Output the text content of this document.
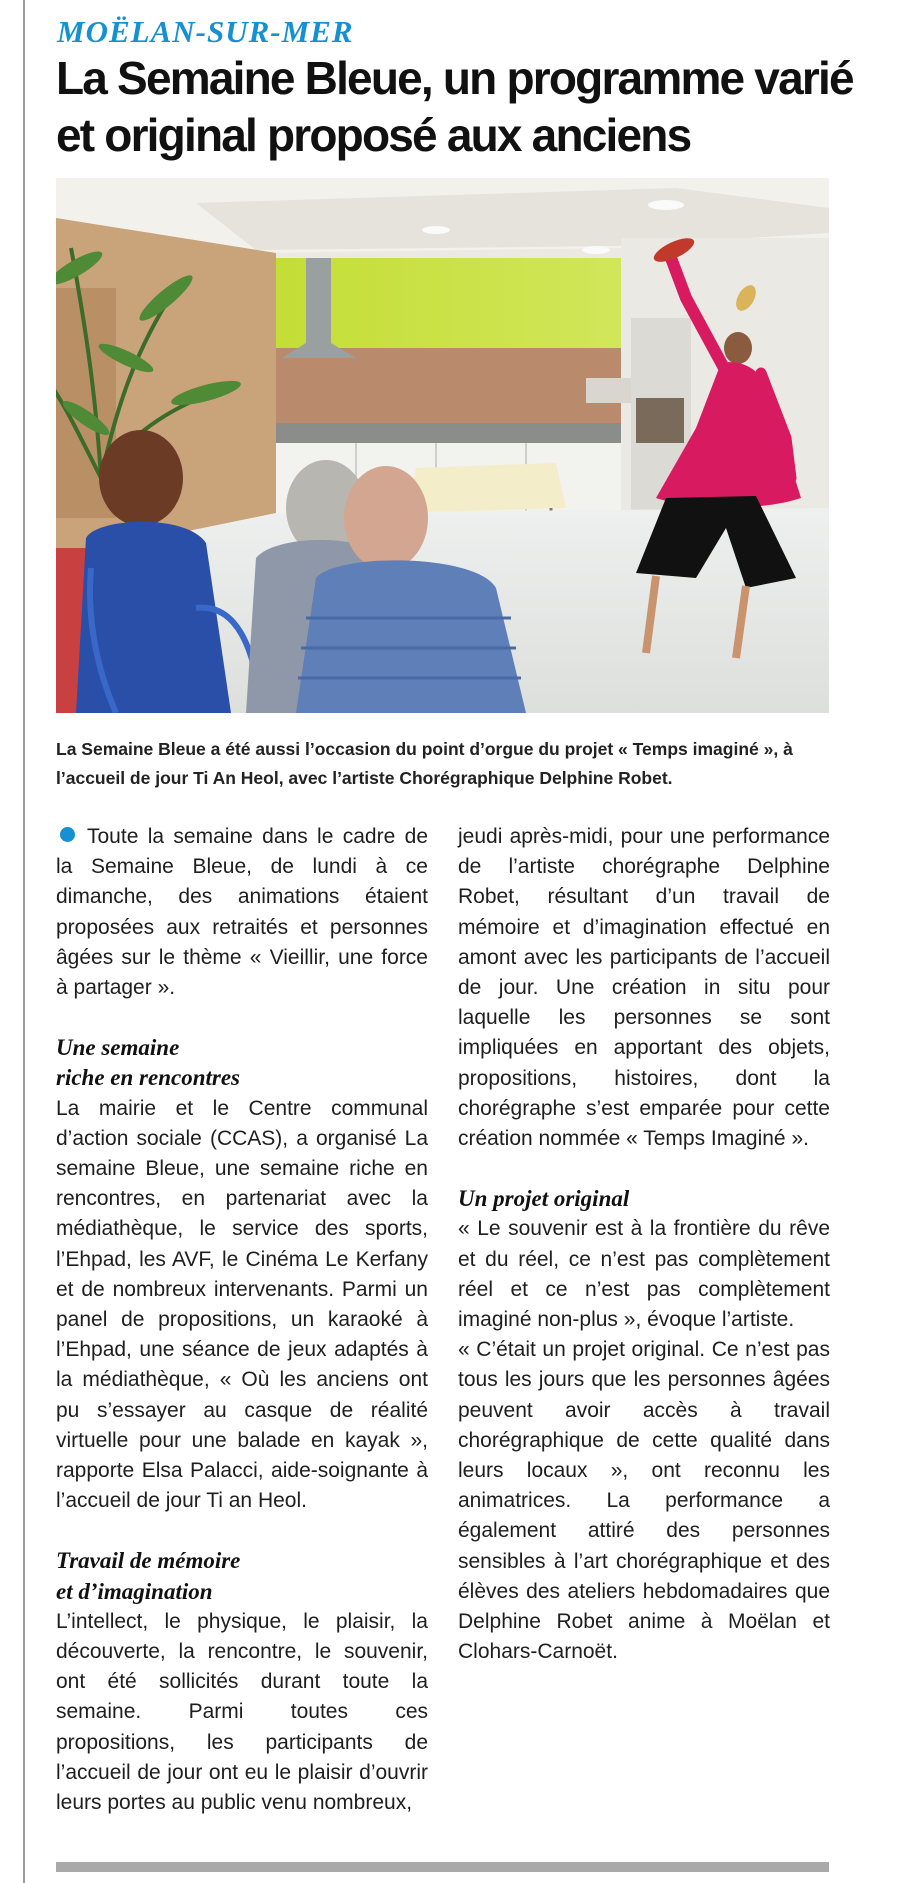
MOËLAN-SUR-MER
La Semaine Bleue, un programme varié et original proposé aux anciens

La Semaine Bleue a été aussi l’occasion du point d’orgue du projet « Temps imaginé », à l’accueil de jour Ti An Heol, avec l’artiste Chorégraphique Delphine Robet.

Toute la semaine dans le cadre de la Semaine Bleue, de lundi à ce dimanche, des animations étaient proposées aux retraités et personnes âgées sur le thème « Vieillir, une force à partager ».

Une semaine
riche en rencontres

La mairie et le Centre communal d’action sociale (CCAS), a organisé La semaine Bleue, une semaine riche en rencontres, en partenariat avec la médiathèque, le service des sports, l’Ehpad, les AVF, le Cinéma Le Kerfany et de nombreux intervenants. Parmi un panel de propositions, un karaoké à l’Ehpad, une séance de jeux adaptés à la médiathèque, « Où les anciens ont pu s’essayer au casque de réalité virtuelle pour une balade en kayak », rapporte Elsa Palacci, aide-soignante à l’accueil de jour Ti an Heol.

Travail de mémoire
et d’imagination

L’intellect, le physique, le plaisir, la découverte, la rencontre, le souvenir, ont été sollicités durant toute la semaine. Parmi toutes ces propositions, les participants de l’accueil de jour ont eu le plaisir d’ouvrir leurs portes au public venu nombreux,

jeudi après-midi, pour une performance de l’artiste chorégraphe Delphine Robet, résultant d’un travail de mémoire et d’imagination effectué en amont avec les participants de l’accueil de jour. Une création in situ pour laquelle les personnes se sont impliquées en apportant des objets, propositions, histoires, dont la chorégraphe s’est emparée pour cette création nommée « Temps Imaginé ».

Un projet original

« Le souvenir est à la frontière du rêve et du réel, ce n’est pas complètement réel et ce n’est pas complètement imaginé non-plus », évoque l’artiste.

« C’était un projet original. Ce n’est pas tous les jours que les personnes âgées peuvent avoir accès à travail chorégraphique de cette qualité dans leurs locaux », ont reconnu les animatrices. La performance a également attiré des personnes sensibles à l’art chorégraphique et des élèves des ateliers hebdomadaires que Delphine Robet anime à Moëlan et Clohars-Carnoët.
